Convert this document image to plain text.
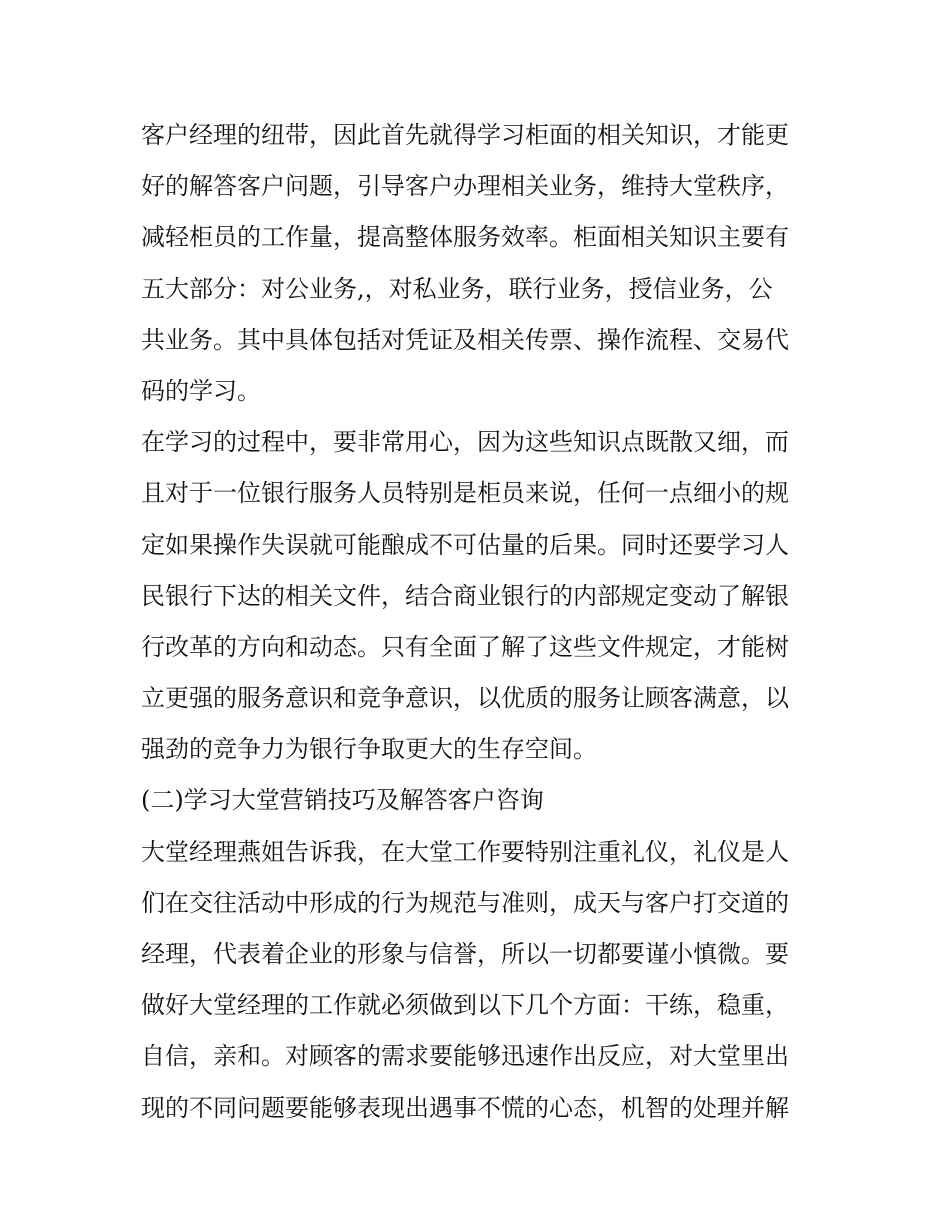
客户经理的纽带，因此首先就得学习柜面的相关知识，才能更
好的解答客户问题，引导客户办理相关业务，维持大堂秩序，
减轻柜员的工作量，提高整体服务效率。柜面相关知识主要有
五大部分：对公业务,，对私业务，联行业务，授信业务，公
共业务。其中具体包括对凭证及相关传票、操作流程、交易代
码的学习。
在学习的过程中，要非常用心，因为这些知识点既散又细，而
且对于一位银行服务人员特别是柜员来说，任何一点细小的规
定如果操作失误就可能酿成不可估量的后果。同时还要学习人
民银行下达的相关文件，结合商业银行的内部规定变动了解银
行改革的方向和动态。只有全面了解了这些文件规定，才能树
立更强的服务意识和竞争意识，以优质的服务让顾客满意，以
强劲的竞争力为银行争取更大的生存空间。
(二)学习大堂营销技巧及解答客户咨询
大堂经理燕姐告诉我，在大堂工作要特别注重礼仪，礼仪是人
们在交往活动中形成的行为规范与准则，成天与客户打交道的
经理，代表着企业的形象与信誉，所以一切都要谨小慎微。要
做好大堂经理的工作就必须做到以下几个方面：干练，稳重，
自信，亲和。对顾客的需求要能够迅速作出反应，对大堂里出
现的不同问题要能够表现出遇事不慌的心态，机智的处理并解
